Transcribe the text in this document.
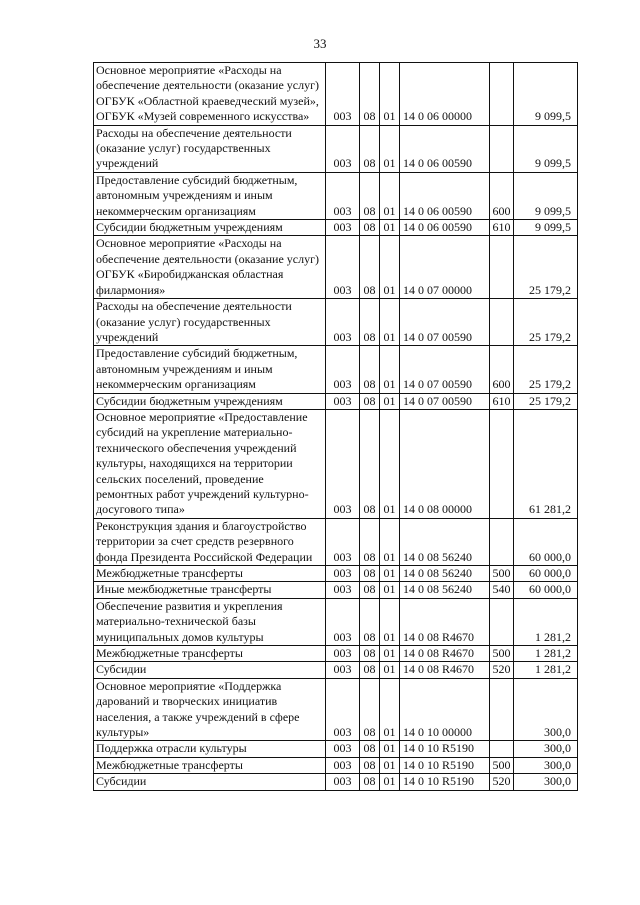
33
Основное мероприятие «Расходы на обеспечение деятельности (оказание услуг) ОГБУК «Областной краеведческий музей», ОГБУК «Музей современного искусства»	003	08	01	14 0 06 00000		9 099,5
Расходы на обеспечение деятельности (оказание услуг) государственных учреждений	003	08	01	14 0 06 00590		9 099,5
Предоставление субсидий бюджетным, автономным учреждениям и иным некоммерческим организациям	003	08	01	14 0 06 00590	600	9 099,5
Субсидии бюджетным учреждениям	003	08	01	14 0 06 00590	610	9 099,5
Основное мероприятие «Расходы на обеспечение деятельности (оказание услуг) ОГБУК «Биробиджанская областная филармония»	003	08	01	14 0 07 00000		25 179,2
Расходы на обеспечение деятельности (оказание услуг) государственных учреждений	003	08	01	14 0 07 00590		25 179,2
Предоставление субсидий бюджетным, автономным учреждениям и иным некоммерческим организациям	003	08	01	14 0 07 00590	600	25 179,2
Субсидии бюджетным учреждениям	003	08	01	14 0 07 00590	610	25 179,2
Основное мероприятие «Предоставление субсидий на укрепление материально-технического обеспечения учреждений культуры, находящихся на территории сельских поселений, проведение ремонтных работ учреждений культурно-досугового типа»	003	08	01	14 0 08 00000		61 281,2
Реконструкция здания и благоустройство территории за счет средств резервного фонда Президента Российской Федерации	003	08	01	14 0 08 56240		60 000,0
Межбюджетные трансферты	003	08	01	14 0 08 56240	500	60 000,0
Иные межбюджетные трансферты	003	08	01	14 0 08 56240	540	60 000,0
Обеспечение развития и укрепления материально-технической базы муниципальных домов культуры	003	08	01	14 0 08 R4670		1 281,2
Межбюджетные трансферты	003	08	01	14 0 08 R4670	500	1 281,2
Субсидии	003	08	01	14 0 08 R4670	520	1 281,2
Основное мероприятие «Поддержка дарований и творческих инициатив населения, а также учреждений в сфере культуры»	003	08	01	14 0 10 00000		300,0
Поддержка отрасли культуры	003	08	01	14 0 10 R5190		300,0
Межбюджетные трансферты	003	08	01	14 0 10 R5190	500	300,0
Субсидии	003	08	01	14 0 10 R5190	520	300,0
